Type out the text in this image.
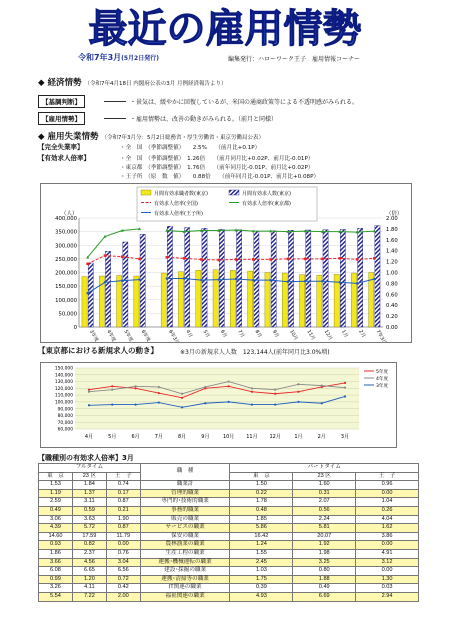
最近の雇用情勢
令和7年3月(5月2日発行)	編集発行：ハローワーク王子　雇用情報コーナー
◆ 経済情勢 （令和7年4月18日 内閣府公表の3月 月例経済報告より）
【基調判断】	・景気は、緩やかに回復しているが、米国の通商政策等による不透明感がみられる。
【雇用情勢】	・雇用情勢は、改善の動きがみられる。（前月と同様）
◆ 雇用失業情勢 （令和7年3月分：5月2日総務省・厚生労働省・東京労働局公表）
【完全失業率】	・全　国　（季節調整値）　　2.5%　　（前月比+0.1P）
【有効求人倍率】	・全　国　（季節調整値）　1.26倍　　（前月同月比+0.02P、前月比-0.01P）
・東京都　（季節調整値）　1.76倍　　（前年同月比-0.01P、前月比+0.02P）
・王子所　（原　数　値）　　0.88倍　　（前年同月比-0.01P、前月比+0.08P）
（人）	（倍）
0
50,000
100,000
150,000
200,000
250,000
300,000
350,000
400,000
0.00
0.20
0.40
0.60
0.80
1.00
1.20
1.40
1.60
1.80
2.00
3年度	4年度	5年度	6年度	6年3月	4月	5月	6月	7月	8月	9月	10月	11月	12月	1月	2月	7年3月
月間有効求職者数(東京)	月間有効求人数(東京)
有効求人倍率(全国)	有効求人倍率(東京都)
有効求人倍率(王子所)
【東京都における新規求人の動き】	※3月の新規求人人数　123,144人(前年同月比3.0%増)
60,000
70,000
80,000
90,000
100,000
110,000
120,000
130,000
140,000
150,000
4月	5月	6月	7月	8月	9月	10月 11月 12月	1月	2月	3月
5年度
4年度
3年度
【職種別の有効求人倍率】3月
フルタイム			職　種	パートタイム		
東　京	23 区	王　子		東　京	23 区	王　子
1.53	1.84	0.74	職業計	1.50	1.60	0.96
1.19	1.37	0.17	管理的職業	0.22	0.31	0.00
2.59	3.11	0.87	専門的･技術的職業	1.78	2.07	1.04
0.49	0.59	0.21	事務的職業	0.48	0.56	0.26
3.06	3.63	1.90	販売の職業	1.85	2.24	4.04
4.39	5.72	0.87	サービスの職業	5.86	5.81	1.62
14.60	17.59	11.79	保安の職業	16.42	20.07	3.86
0.93	0.82	0.00	農林漁業の職業	1.24	1.92	0.00
1.86	2.37	0.76	生産工程の職業	1.55	1.98	4.91
3.66	4.56	3.04	運搬･機械運転の職業	2.45	3.25	3.12
6.08	6.65	6.56	建設･採掘の職業	1.03	0.80	0.00
0.99	1.20	0.72	運搬･清掃等の職業	1.75	1.88	1.30
3.26	4.11	0.42	IT関連の職業	0.39	0.49	0.03
5.54	7.22	2.00	福祉関連の職業	4.93	6.69	2.94
